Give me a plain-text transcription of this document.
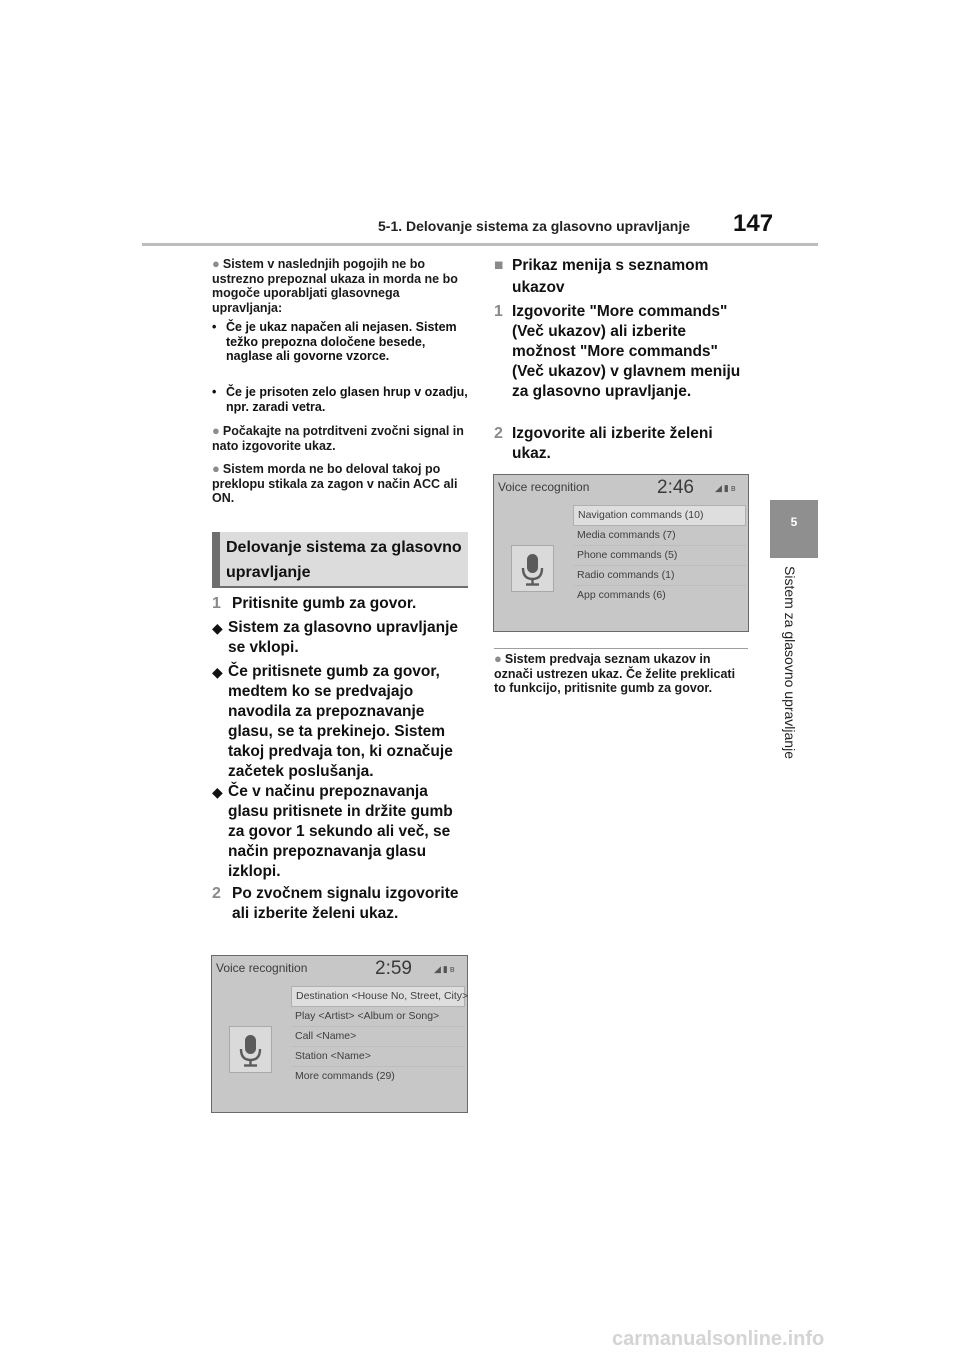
5-1. Delovanje sistema za glasovno upravljanje 147
5
Sistem za glasovno upravljanje
● Sistem v naslednjih pogojih ne bo ustrezno prepoznal ukaza in morda ne bo mogoče uporabljati glasovnega upravljanja:
• Če je ukaz napačen ali nejasen. Sistem težko prepozna določene besede, naglase ali govorne vzorce.
• Če je prisoten zelo glasen hrup v ozadju, npr. zaradi vetra.
● Počakajte na potrditveni zvočni signal in nato izgovorite ukaz.
● Sistem morda ne bo deloval takoj po preklopu stikala za zagon v način ACC ali ON.
Delovanje sistema za glasovno upravljanje
1 Pritisnite gumb za govor.
◆ Sistem za glasovno upravljanje se vklopi.
◆ Če pritisnete gumb za govor, medtem ko se predvajajo navodila za prepoznavanje glasu, se ta prekinejo. Sistem takoj predvaja ton, ki označuje začetek poslušanja.
◆ Če v načinu prepoznavanja glasu pritisnete in držite gumb za govor 1 sekundo ali več, se način prepoznavanja glasu izklopi.
2 Po zvočnem signalu izgovorite ali izberite želeni ukaz.
Voice recognition	2:59 ◢▮ʙ
Destination <House No, Street, City>
Play <Artist> <Album or Song>
Call <Name>
Station <Name>
More commands (29)
■ Prikaz menija s seznamom ukazov
1 Izgovorite "More commands" (Več ukazov) ali izberite možnost "More commands" (Več ukazov) v glavnem meniju za glasovno upravljanje.
2 Izgovorite ali izberite želeni ukaz.
Voice recognition	2:46 ◢▮ʙ
Navigation commands (10)
Media commands (7)
Phone commands (5)
Radio commands (1)
App commands (6)
● Sistem predvaja seznam ukazov in označi ustrezen ukaz. Če želite preklicati to funkcijo, pritisnite gumb za govor.
carmanualsonline.info
